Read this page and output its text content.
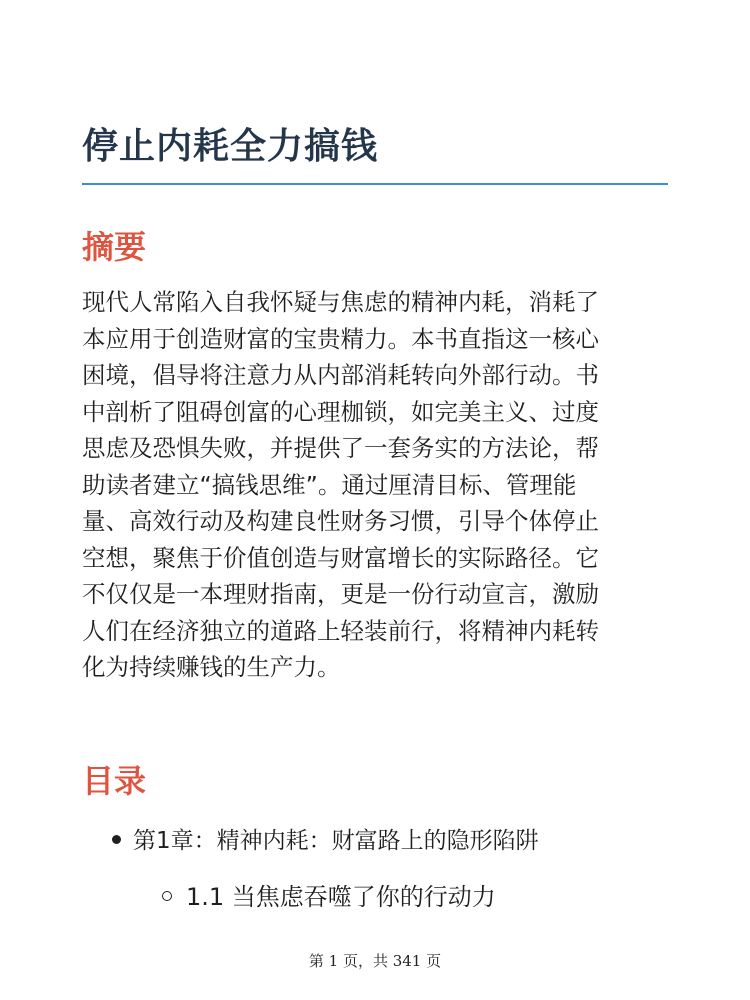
停止内耗全力搞钱
摘要

现代人常陷入自我怀疑与焦虑的精神内耗，消耗了
本应用于创造财富的宝贵精力。本书直指这一核心
困境，倡导将注意力从内部消耗转向外部行动。书
中剖析了阻碍创富的心理枷锁，如完美主义、过度
思虑及恐惧失败，并提供了一套务实的方法论，帮
助读者建立“搞钱思维”。通过厘清目标、管理能
量、高效行动及构建良性财务习惯，引导个体停止
空想，聚焦于价值创造与财富增长的实际路径。它
不仅仅是一本理财指南，更是一份行动宣言，激励
人们在经济独立的道路上轻装前行，将精神内耗转
化为持续赚钱的生产力。

目录
第1章：精神内耗：财富路上的隐形陷阱
1.1 当焦虑吞噬了你的行动力
第 1 页，共 341 页
